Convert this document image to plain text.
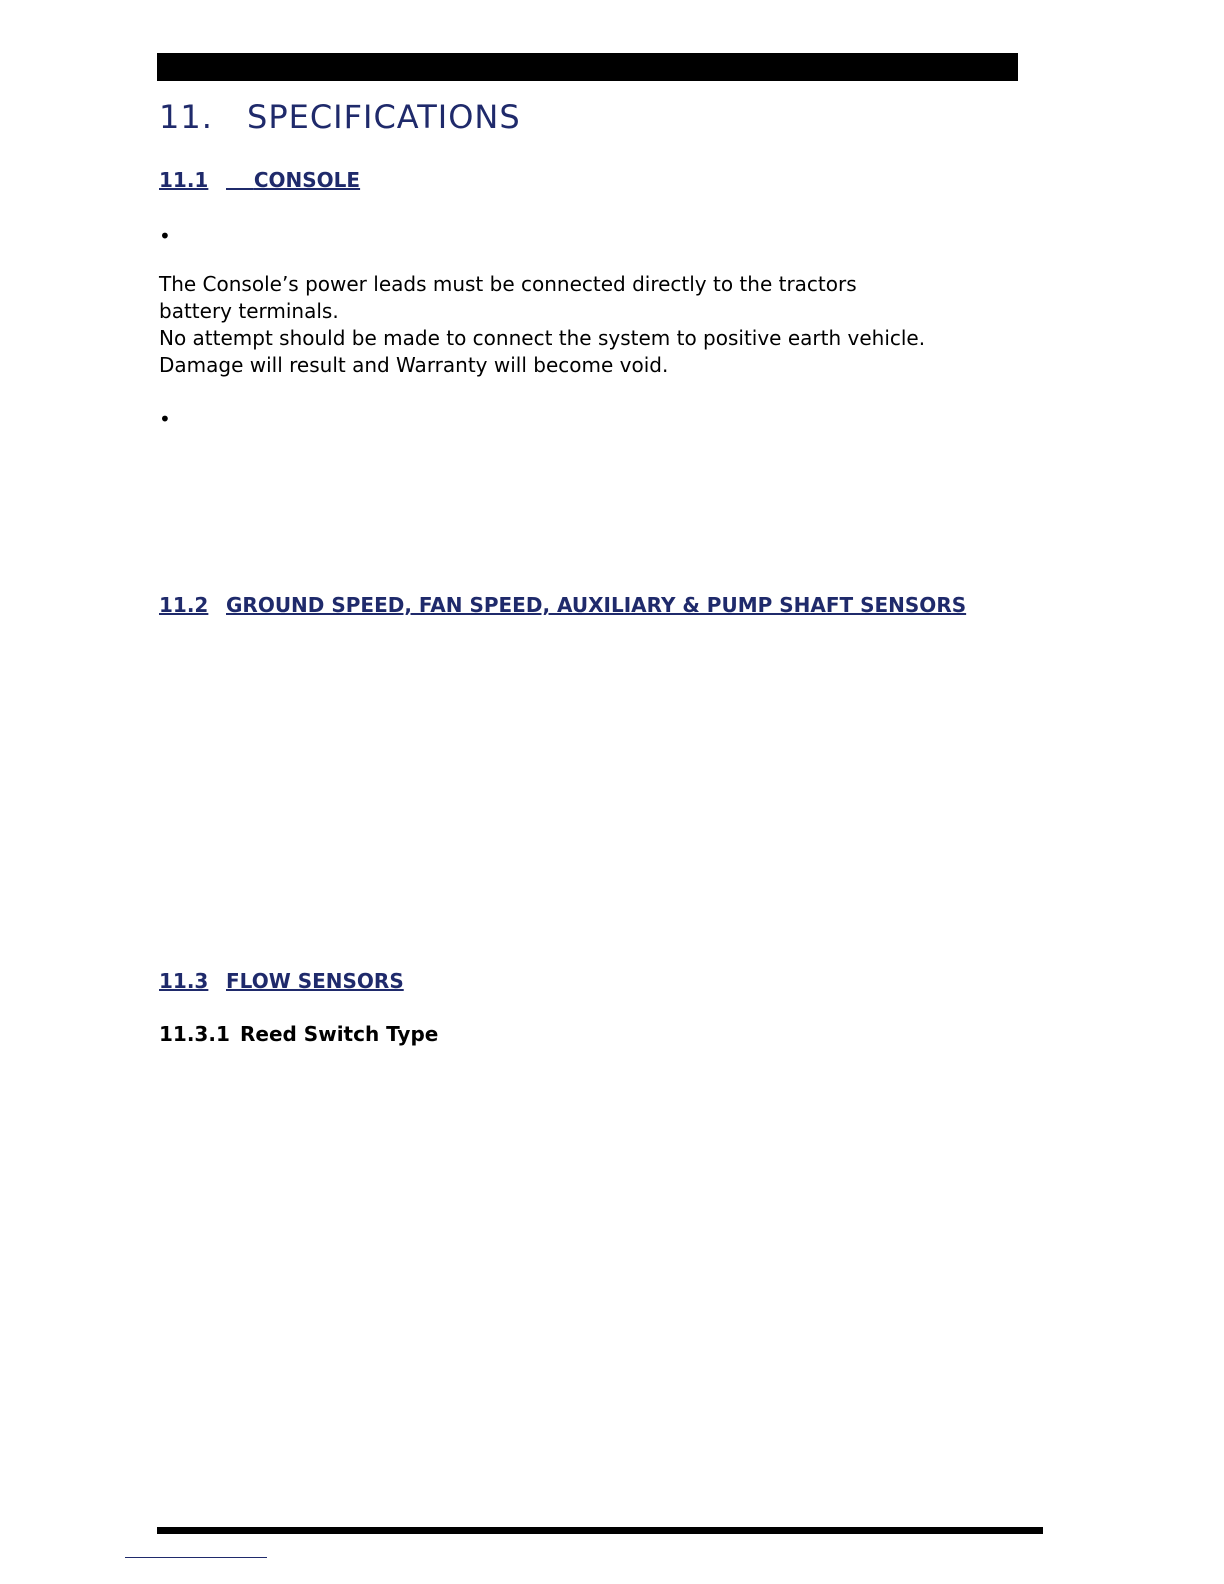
11. SPECIFICATIONS
11.1 CONSOLE
•

The Console’s power leads must be connected directly to the tractors
battery terminals.
No attempt should be made to connect the system to positive earth vehicle.
Damage will result and Warranty will become void.

•
11.2 GROUND SPEED, FAN SPEED, AUXILIARY & PUMP SHAFT SENSORS
11.3 FLOW SENSORS
11.3.1 Reed Switch Type
